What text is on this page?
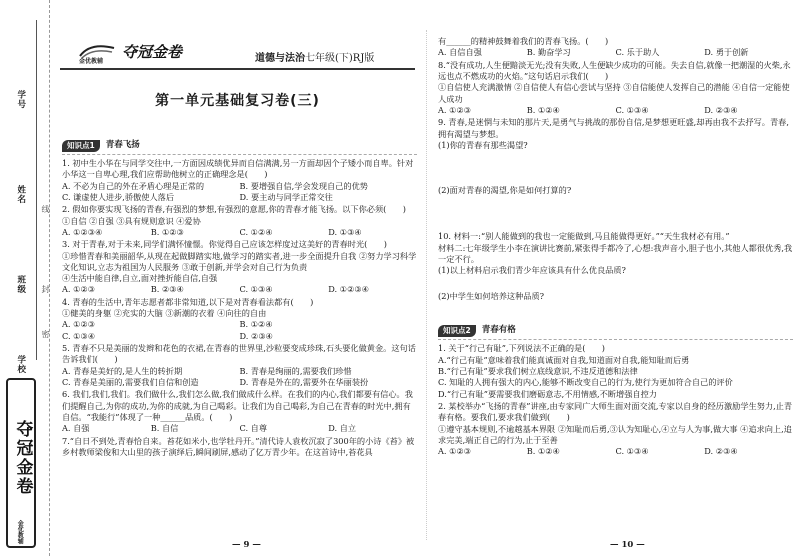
学号
姓名
班级
学校
线
封
密
夺冠金卷
金优教辅
金优教辅
夺冠金卷	道德与法治 七年级(下)RJ版
第一单元基础复习卷(三)
知识点1	青春飞扬
1. 初中生小华在与同学交往中,一方面因成绩优异而自信满满,另一方面却因个子矮小而自卑。针对小华这一自卑心理,我们应帮助他树立的正确理念是(　　)
A. 不必为自己的外在矛盾心理是正常的	B. 要增强自信,学会发现自己的优势
C. 谦虚使人进步,骄傲使人落后	D. 要主动与同学正常交往
2. 假如你要实现飞扬的青春,有强烈的梦想,有强烈的意愿,你的青春才能飞扬。以下你必须(　　)
①自信 ②自强 ③具有规则意识 ④爱协
A. ①②③④	B. ①②③	C. ①②④	D. ①③④
3. 对于青春,对于未来,同学们满怀憧憬。你觉得自己应该怎样度过这美好的青春时光(　　)
①珍惜青春和美丽韶华,从现在起做脚踏实地,做学习的踏实者,进一步全面提升自我 ②努力学习科学文化知识,立志为祖国为人民服务 ③敢于创新,并学会对自己行为负责
④生活中能自律,自立,面对挫折能自信,自强
A. ①②③	B. ②③④	C. ①③④	D. ①②③④
4. 青春的生活中,青年志愿者都非常知道,以下是对青春看法都有(　　)
①健美的身躯 ②充实的大脑 ③新潮的衣着 ④向往的自由
A. ①②③	B. ①②④
C. ①③④	D. ②③④
5. 青春不只是美丽的发辫和花色的衣裙,在青春的世界里,沙粒要变成珍珠,石头要化做黄金。这句话告诉我们(　　)
A. 青春是美好的,是人生的转折期	B. 青春是绚丽的,需要我们珍惜
C. 青春是美丽的,需要我们自信和创造	D. 青春是外在的,需要外在华丽装扮
6. 我们,我们,我们。我们做什么,我们怎么做,我们做成什么样。在我们的内心,我们都要有信心。我们提醒自己,为你的成功,为你的成就,为自己喝彩。让我们为自己喝彩,为自己在青春的时光中,拥有自信。“我能行”体现了一种______品质。(　　)
A. 自强	B. 自信	C. 自尊	D. 自立
7.“自日不到处,青春恰自来。苔花如米小,也学牡丹开。”清代诗人袁枚沉寂了300年的小诗《苔》被乡村教师梁俊和大山里的孩子演绎后,瞬间刷屏,感动了亿万青少年。在这首诗中,苔花具
有______的精神鼓舞着我们的青春飞扬。(　　)
A. 自信自强	B. 勤奋学习	C. 乐于助人	D. 勇于创新
8.“没有成功,人生便黯淡无光;没有失败,人生便缺少成功的可能。失去自信,就像一把潮湿的火柴,永远也点不燃成功的火焰。”这句话启示我们(　　)
①自信使人充满激情 ②自信使人有信心尝试与坚持 ③自信能使人发挥自己的潜能 ④自信一定能使人成功
A. ①②③	B. ①②④	C. ①③④	D. ②③④
9. 青春,是迷惘与未知的那片天,是勇气与挑战的那份自信,是梦想更旺盛,却再由我不去抒写。青春,拥有渴望与梦想。
(1)你的青春有那些渴望?
(2)面对青春的渴望,你是如何打算的?
10. 材料一:“别人能做到的我也一定能做到,马且能做得更好。”“天生我材必有用。”
材料二:七年级学生小李在演讲比赛前,紧张得手都冷了,心想:我声音小,胆子也小,其他人都很优秀,我一定不行。
(1)以上材料启示我们青少年应该具有什么优良品质?
(2)中学生如何培养这种品质?
知识点2	青春有格
1. 关于“行己有耻”,下列说法不正确的是(　　)
A.“行己有耻”意味着我们能真诚面对自我,知道面对自我,能知耻而后勇
B.“行己有耻”要求我们树立底线意识,不违反道德和法律
C. 知耻的人拥有强大的内心,能够不断改变自己的行为,使行为更加符合自己的评价
D.“行己有耻”要需要我们磨砺意志,不用情感,不断增强自控力
2. 某校举办“飞扬的青春”讲座,由专家同广大师生面对面交流,专家以自身的经历激励学生努力,止青春有格。要我们,要求我们做到(　　)
①遵守基本规则,不逾越基本界限 ②知耻而后勇,③认为知耻心,④立与人为事,做大事 ④追求向上,追求完美,端正自己的行为,止于至善
A. ①②③	B. ①②④	C. ①③④	D. ②③④
— 9 —	— 10 —
